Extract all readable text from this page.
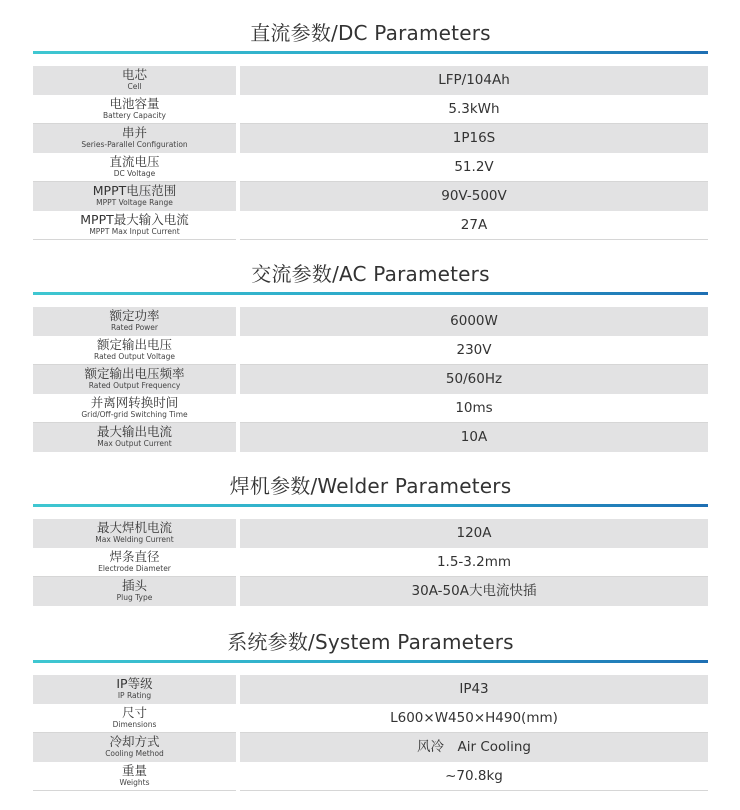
直流参数/DC Parameters
电芯
Cell	LFP/104Ah
电池容量
Battery Capacity	5.3kWh
串并
Series-Parallel Configuration	1P16S
直流电压
DC Voltage	51.2V
MPPT电压范围
MPPT Voltage Range	90V-500V
MPPT最大输入电流
MPPT Max Input Current	27A
交流参数/AC Parameters
额定功率
Rated Power	6000W
额定输出电压
Rated Output Voltage	230V
额定输出电压频率
Rated Output Frequency	50/60Hz
并离网转换时间
Grid/Off-grid Switching Time	10ms
最大输出电流
Max Output Current	10A
焊机参数/Welder Parameters
最大焊机电流
Max Welding Current	120A
焊条直径
Electrode Diameter	1.5-3.2mm
插头
Plug Type	30A-50A大电流快插
系统参数/System Parameters
IP等级
IP Rating	IP43
尺寸
Dimensions	L600×W450×H490(mm)
冷却方式
Cooling Method	风冷　Air Cooling
重量
Weights	~70.8kg
